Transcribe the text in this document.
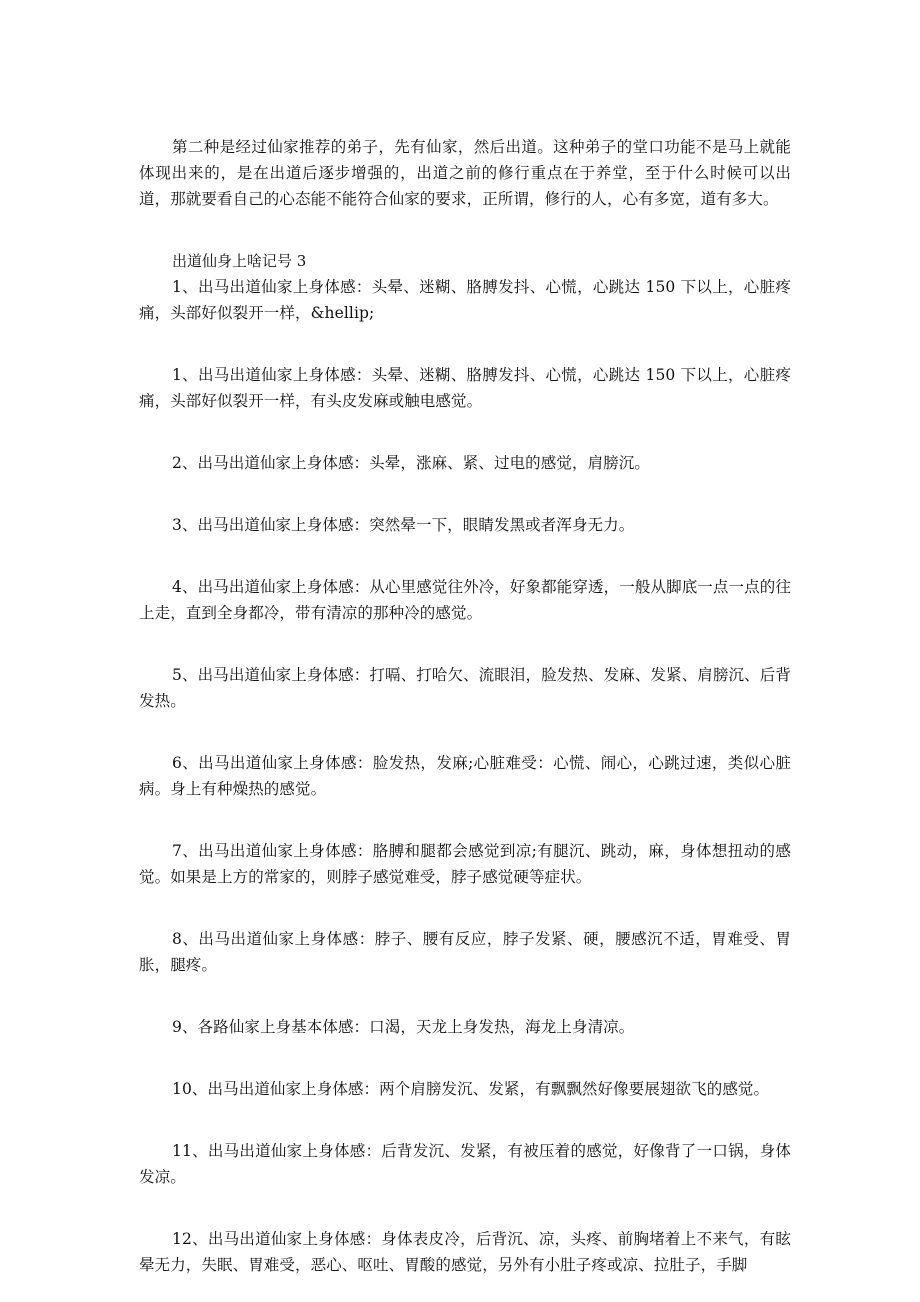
第二种是经过仙家推荐的弟子，先有仙家，然后出道。这种弟子的堂口功能不是马上就能体现出来的，是在出道后逐步增强的，出道之前的修行重点在于养堂，至于什么时候可以出道，那就要看自己的心态能不能符合仙家的要求，正所谓，修行的人，心有多宽，道有多大。

出道仙身上啥记号 3

1、出马出道仙家上身体感：头晕、迷糊、胳膊发抖、心慌，心跳达 150 下以上，心脏疼痛，头部好似裂开一样，&hellip;

1、出马出道仙家上身体感：头晕、迷糊、胳膊发抖、心慌，心跳达 150 下以上，心脏疼痛，头部好似裂开一样，有头皮发麻或触电感觉。

2、出马出道仙家上身体感：头晕，涨麻、紧、过电的感觉，肩膀沉。

3、出马出道仙家上身体感：突然晕一下，眼睛发黑或者浑身无力。

4、出马出道仙家上身体感：从心里感觉往外冷，好象都能穿透，一般从脚底一点一点的往上走，直到全身都冷，带有清凉的那种冷的感觉。

5、出马出道仙家上身体感：打嗝、打哈欠、流眼泪，脸发热、发麻、发紧、肩膀沉、后背发热。

6、出马出道仙家上身体感：脸发热，发麻;心脏难受：心慌、闹心，心跳过速，类似心脏病。身上有种燥热的感觉。

7、出马出道仙家上身体感：胳膊和腿都会感觉到凉;有腿沉、跳动，麻，身体想扭动的感觉。如果是上方的常家的，则脖子感觉难受，脖子感觉硬等症状。

8、出马出道仙家上身体感：脖子、腰有反应，脖子发紧、硬，腰感沉不适，胃难受、胃胀，腿疼。

9、各路仙家上身基本体感：口渴，天龙上身发热，海龙上身清凉。

10、出马出道仙家上身体感：两个肩膀发沉、发紧，有飘飘然好像要展翅欲飞的感觉。

11、出马出道仙家上身体感：后背发沉、发紧，有被压着的感觉，好像背了一口锅，身体发凉。

12、出马出道仙家上身体感：身体表皮冷，后背沉、凉，头疼、前胸堵着上不来气，有眩晕无力，失眠、胃难受，恶心、呕吐、胃酸的感觉，另外有小肚子疼或凉、拉肚子，手脚
